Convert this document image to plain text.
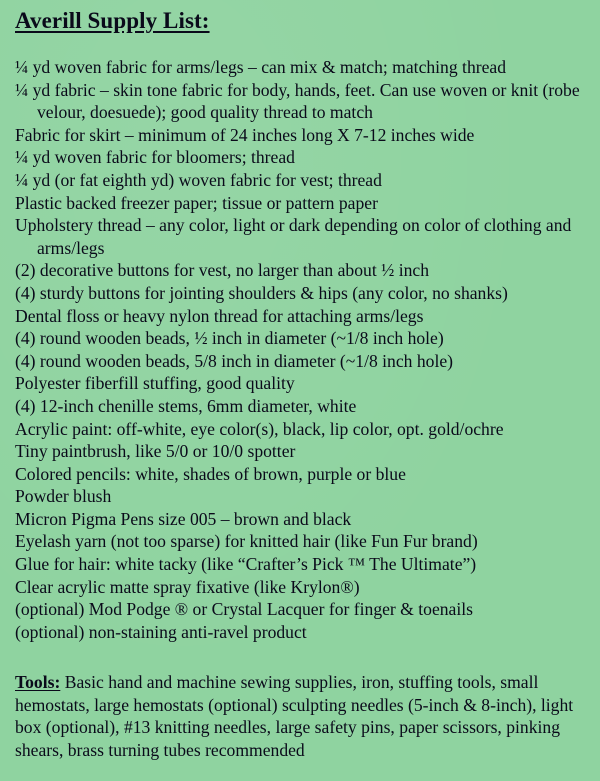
Averill Supply List:
¼ yd woven fabric for arms/legs – can mix & match; matching thread
¼ yd fabric – skin tone fabric for body, hands, feet. Can use woven or knit (robe velour, doesuede); good quality thread to match
Fabric for skirt – minimum of 24 inches long X 7-12 inches wide
¼ yd woven fabric for bloomers; thread
¼ yd (or fat eighth yd) woven fabric for vest; thread
Plastic backed freezer paper; tissue or pattern paper
Upholstery thread – any color, light or dark depending on color of clothing and arms/legs
(2) decorative buttons for vest, no larger than about ½ inch
(4) sturdy buttons for jointing shoulders & hips (any color, no shanks)
Dental floss or heavy nylon thread for attaching arms/legs
(4) round wooden beads, ½ inch in diameter (~1/8 inch hole)
(4) round wooden beads, 5/8 inch in diameter (~1/8 inch hole)
Polyester fiberfill stuffing, good quality
(4) 12-inch chenille stems, 6mm diameter, white
Acrylic paint: off-white, eye color(s), black, lip color, opt. gold/ochre
Tiny paintbrush, like 5/0 or 10/0 spotter
Colored pencils: white, shades of brown, purple or blue
Powder blush
Micron Pigma Pens size 005 – brown and black
Eyelash yarn (not too sparse) for knitted hair (like Fun Fur brand)
Glue for hair: white tacky (like “Crafter’s Pick ™ The Ultimate”)
Clear acrylic matte spray fixative (like Krylon®)
(optional) Mod Podge ® or Crystal Lacquer for finger & toenails
(optional) non-staining anti-ravel product
Tools: Basic hand and machine sewing supplies, iron, stuffing tools, small hemostats, large hemostats (optional) sculpting needles (5-inch & 8-inch), light box (optional), #13 knitting needles, large safety pins, paper scissors, pinking shears, brass turning tubes recommended
